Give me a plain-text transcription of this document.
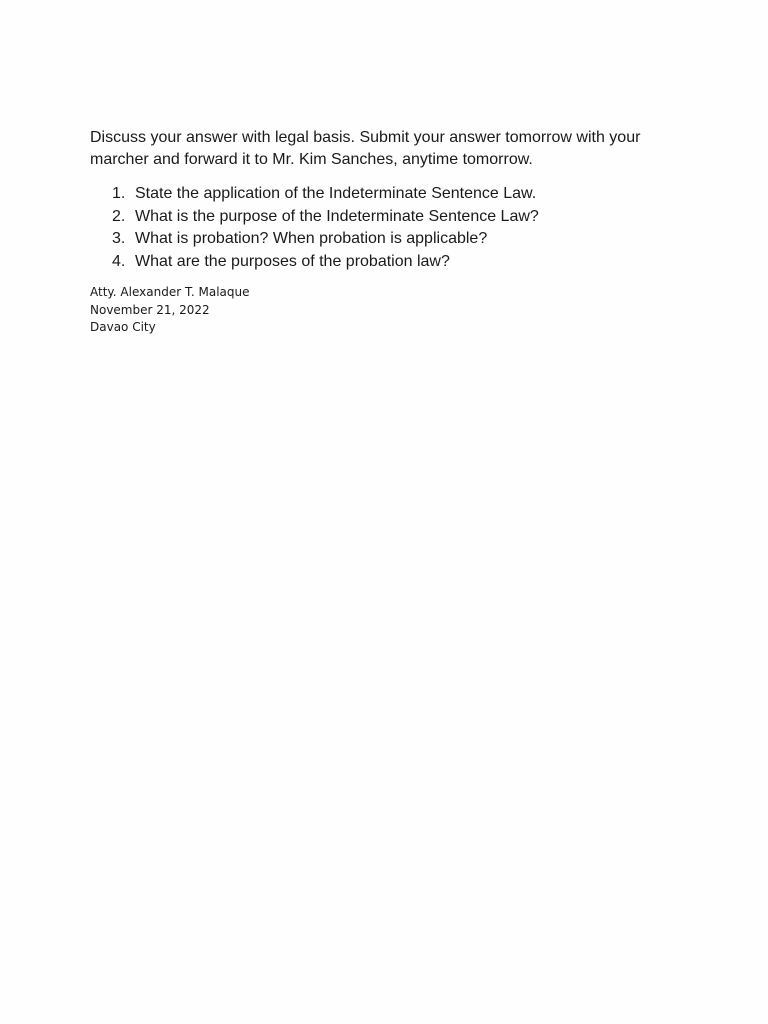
Discuss your answer with legal basis. Submit your answer tomorrow with your marcher and forward it to Mr. Kim Sanches, anytime tomorrow.

1. State the application of the Indeterminate Sentence Law.
2. What is the purpose of the Indeterminate Sentence Law?
3. What is probation? When probation is applicable?
4. What are the purposes of the probation law?
Atty. Alexander T. Malaque
November 21, 2022
Davao City
